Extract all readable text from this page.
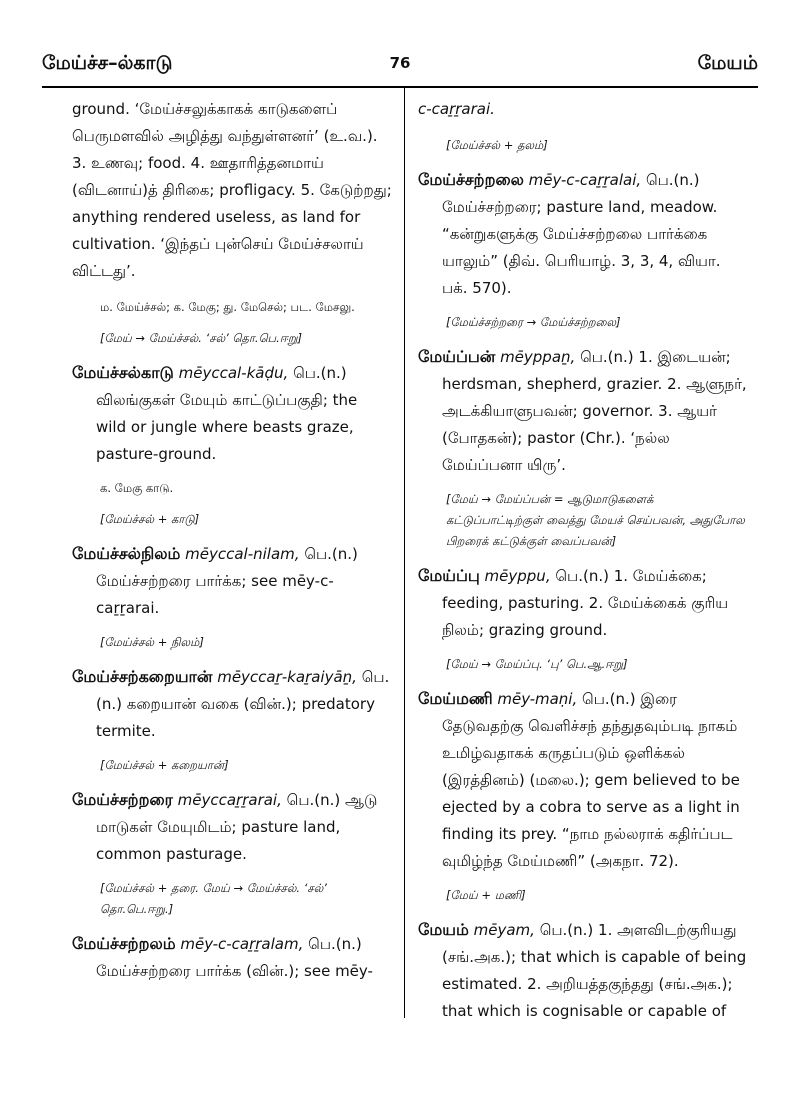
மேய்ச்ச–ல்காடு	76	மேயம்
ground. ‘மேய்ச்சலுக்காகக் காடுகளைப் பெருமளவில் அழித்து வந்துள்ளனர்’ (உ.வ.). 3. உணவு; food. 4. ஊதாரித்தனமாய் (விடனாய்)த் திரிகை; profligacy. 5. கேடுற்றது; anything rendered useless, as land for cultivation. ‘இந்தப் புன்செய் மேய்ச்சலாய் விட்டது’.
ம. மேய்ச்சல்; க. மேகு; து. மேசெல்; பட. மேசலு.
[மேய் → மேய்ச்சல். ‘சல்’ தொ.பெ.ஈறு]
மேய்ச்சல்காடு mēyccal-kāḍu, பெ.(n.) விலங்குகள் மேயும் காட்டுப்பகுதி; the wild or jungle where beasts graze, pasture-ground.
க. மேகு காடு.
[மேய்ச்சல் + காடு]
மேய்ச்சல்நிலம் mēyccal-nilam, பெ.(n.) மேய்ச்சற்றரை பார்க்க; see mēy-c-caṟṟarai.
[மேய்ச்சல் + நிலம்]
மேய்ச்சற்கறையான் mēyccaṟ-kaṟaiyāṉ, பெ.(n.) கறையான் வகை (வின்.); predatory termite.
[மேய்ச்சல் + கறையான்]
மேய்ச்சற்றரை mēyccaṟṟarai, பெ.(n.) ஆடு மாடுகள் மேயுமிடம்; pasture land, common pasturage.
[மேய்ச்சல் + தரை. மேய் → மேய்ச்சல். ‘சல்’ தொ.பெ.ஈறு.]
மேய்ச்சற்றலம் mēy-c-caṟṟalam, பெ.(n.) மேய்ச்சற்றரை பார்க்க (வின்.); see mēy-
c-caṟṟarai.
[மேய்ச்சல் + தலம்]
மேய்ச்சற்றலை mēy-c-caṟṟalai, பெ.(n.) மேய்ச்சற்றரை; pasture land, meadow. “கன்றுகளுக்கு மேய்ச்சற்றலை பார்க்கை யாலும்” (திவ். பெரியாழ். 3, 3, 4, வியா. பக். 570).
[மேய்ச்சற்றரை → மேய்ச்சற்றலை]
மேய்ப்பன் mēyppaṉ, பெ.(n.) 1. இடையன்; herdsman, shepherd, grazier. 2. ஆளுநர், அடக்கியாளுபவன்; governor. 3. ஆயர் (போதகன்); pastor (Chr.). ‘நல்ல மேய்ப்பனா யிரு’.
[மேய் → மேய்ப்பன் = ஆடுமாடுகளைக் கட்டுப்பாட்டிற்குள் வைத்து மேயச் செய்பவன், அதுபோல பிறரைக் கட்டுக்குள் வைப்பவன்]
மேய்ப்பு mēyppu, பெ.(n.) 1. மேய்க்கை; feeding, pasturing. 2. மேய்க்கைக் குரிய நிலம்; grazing ground.
[மேய் → மேய்ப்பு. ‘பு’ பெ.ஆ.ஈறு]
மேய்மணி mēy-maṇi, பெ.(n.) இரை தேடுவதற்கு வெளிச்சந் தந்துதவும்படி நாகம் உமிழ்வதாகக் கருதப்படும் ஒளிக்கல் (இரத்தினம்) (மலை.); gem believed to be ejected by a cobra to serve as a light in finding its prey. “நாம நல்லராக் கதிர்ப்பட வுமிழ்ந்த மேய்மணி” (அகநா. 72).
[மேய் + மணி]
மேயம் mēyam, பெ.(n.) 1. அளவிடற்குரியது (சங்.அக.); that which is capable of being estimated. 2. அறியத்தகுந்தது (சங்.அக.); that which is cognisable or capable of
